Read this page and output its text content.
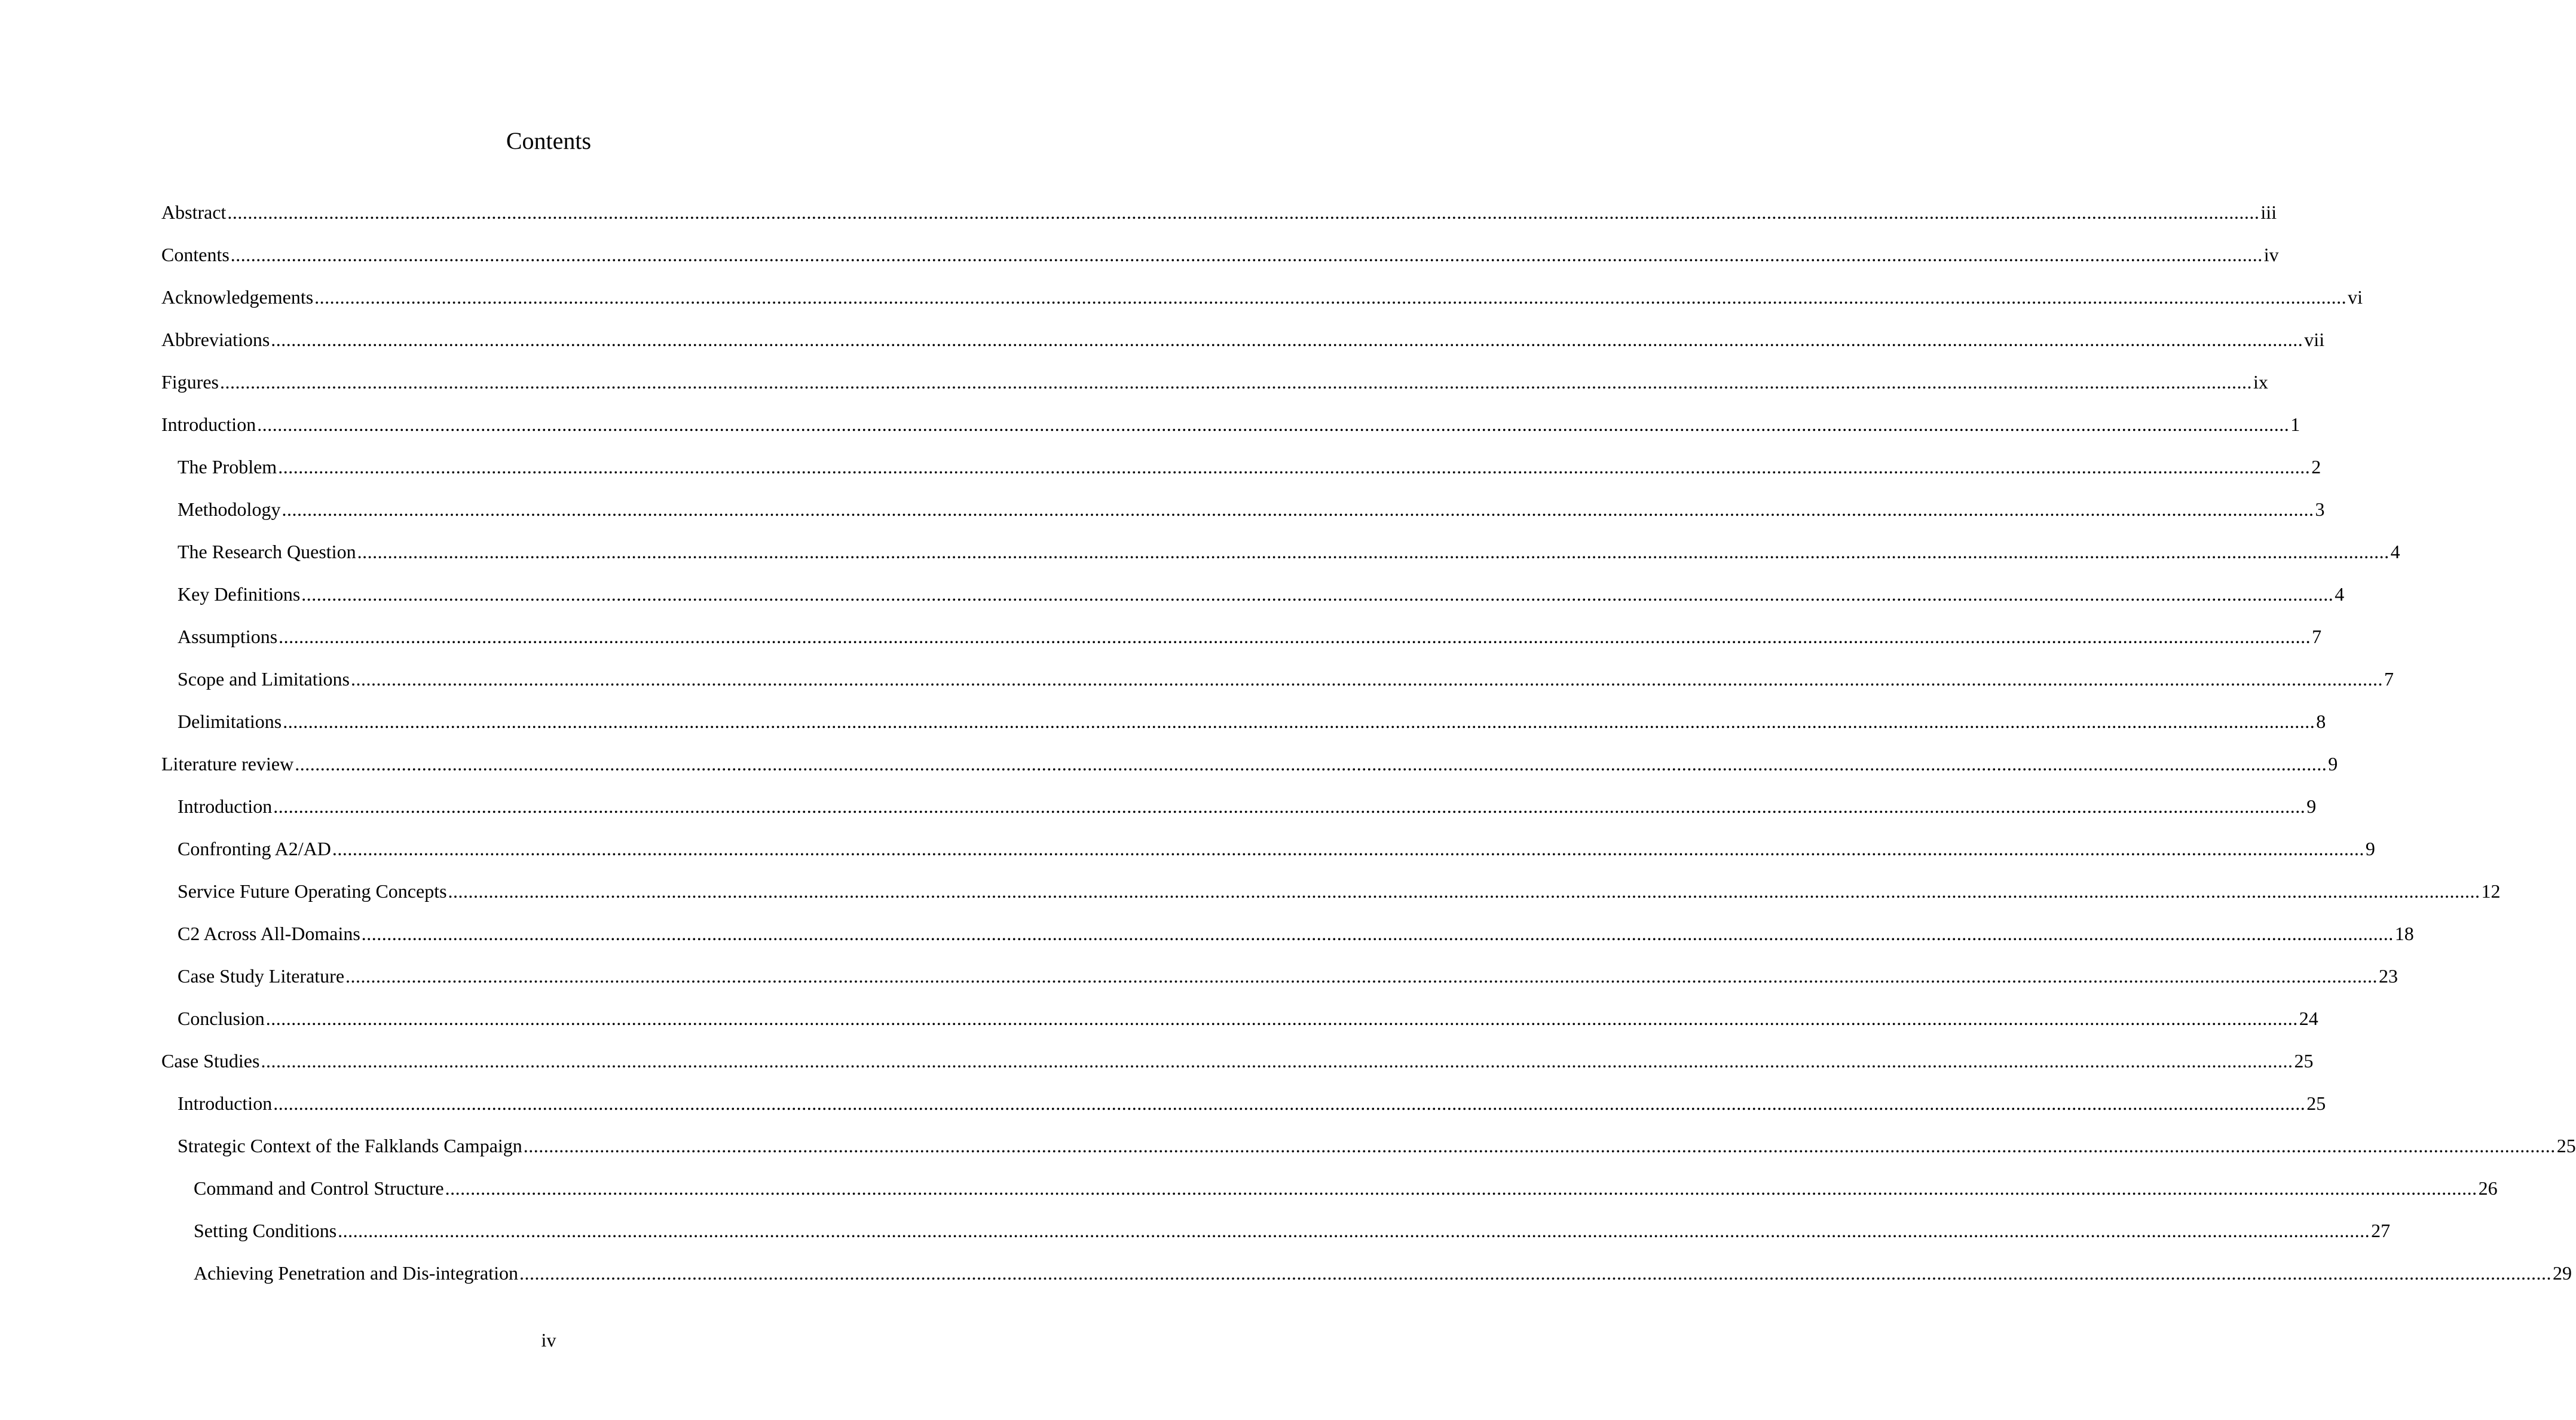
Contents
Abstract ................................................................................................................................................................................................................................................................................................................................................................................................................ iii
Contents ................................................................................................................................................................................................................................................................................................................................................................................................................ iv
Acknowledgements ................................................................................................................................................................................................................................................................................................................................................................................................................ vi
Abbreviations ................................................................................................................................................................................................................................................................................................................................................................................................................ vii
Figures ................................................................................................................................................................................................................................................................................................................................................................................................................ ix
Introduction ................................................................................................................................................................................................................................................................................................................................................................................................................ 1
The Problem ................................................................................................................................................................................................................................................................................................................................................................................................................ 2
Methodology ................................................................................................................................................................................................................................................................................................................................................................................................................ 3
The Research Question ................................................................................................................................................................................................................................................................................................................................................................................................................ 4
Key Definitions ................................................................................................................................................................................................................................................................................................................................................................................................................ 4
Assumptions ................................................................................................................................................................................................................................................................................................................................................................................................................ 7
Scope and Limitations ................................................................................................................................................................................................................................................................................................................................................................................................................ 7
Delimitations ................................................................................................................................................................................................................................................................................................................................................................................................................ 8
Literature review ................................................................................................................................................................................................................................................................................................................................................................................................................ 9
Introduction ................................................................................................................................................................................................................................................................................................................................................................................................................ 9
Confronting A2/AD ................................................................................................................................................................................................................................................................................................................................................................................................................ 9
Service Future Operating Concepts ................................................................................................................................................................................................................................................................................................................................................................................................................ 12
C2 Across All-Domains ................................................................................................................................................................................................................................................................................................................................................................................................................ 18
Case Study Literature ................................................................................................................................................................................................................................................................................................................................................................................................................ 23
Conclusion ................................................................................................................................................................................................................................................................................................................................................................................................................ 24
Case Studies ................................................................................................................................................................................................................................................................................................................................................................................................................ 25
Introduction ................................................................................................................................................................................................................................................................................................................................................................................................................ 25
Strategic Context of the Falklands Campaign ................................................................................................................................................................................................................................................................................................................................................................................................................ 25
Command and Control Structure ................................................................................................................................................................................................................................................................................................................................................................................................................ 26
Setting Conditions ................................................................................................................................................................................................................................................................................................................................................................................................................ 27
Achieving Penetration and Dis-integration ................................................................................................................................................................................................................................................................................................................................................................................................................ 29
iv
